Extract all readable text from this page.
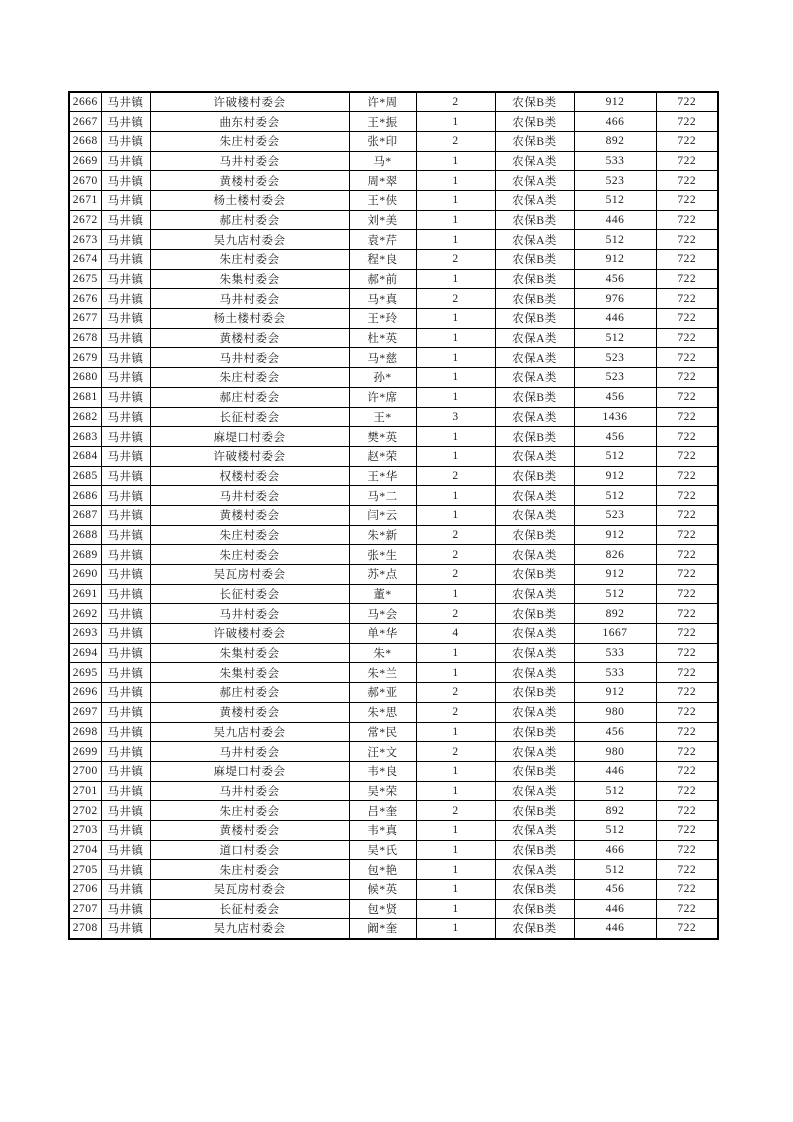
2666	马井镇	许破楼村委会	许*周	2	农保B类	912	722
2667	马井镇	曲东村委会	王*振	1	农保B类	466	722
2668	马井镇	朱庄村委会	张*印	2	农保B类	892	722
2669	马井镇	马井村委会	马*	1	农保A类	533	722
2670	马井镇	黄楼村委会	周*翠	1	农保A类	523	722
2671	马井镇	杨土楼村委会	王*侠	1	农保A类	512	722
2672	马井镇	郝庄村委会	刘*美	1	农保B类	446	722
2673	马井镇	吴九店村委会	袁*芹	1	农保A类	512	722
2674	马井镇	朱庄村委会	程*良	2	农保B类	912	722
2675	马井镇	朱集村委会	郝*前	1	农保B类	456	722
2676	马井镇	马井村委会	马*真	2	农保B类	976	722
2677	马井镇	杨土楼村委会	王*玲	1	农保B类	446	722
2678	马井镇	黄楼村委会	杜*英	1	农保A类	512	722
2679	马井镇	马井村委会	马*慈	1	农保A类	523	722
2680	马井镇	朱庄村委会	孙*	1	农保A类	523	722
2681	马井镇	郝庄村委会	许*席	1	农保B类	456	722
2682	马井镇	长征村委会	王*	3	农保A类	1436	722
2683	马井镇	麻堤口村委会	樊*英	1	农保B类	456	722
2684	马井镇	许破楼村委会	赵*荣	1	农保A类	512	722
2685	马井镇	权楼村委会	王*华	2	农保B类	912	722
2686	马井镇	马井村委会	马*二	1	农保A类	512	722
2687	马井镇	黄楼村委会	闫*云	1	农保A类	523	722
2688	马井镇	朱庄村委会	朱*新	2	农保B类	912	722
2689	马井镇	朱庄村委会	张*生	2	农保A类	826	722
2690	马井镇	吴瓦房村委会	苏*点	2	农保B类	912	722
2691	马井镇	长征村委会	董*	1	农保A类	512	722
2692	马井镇	马井村委会	马*会	2	农保B类	892	722
2693	马井镇	许破楼村委会	单*华	4	农保A类	1667	722
2694	马井镇	朱集村委会	朱*	1	农保A类	533	722
2695	马井镇	朱集村委会	朱*兰	1	农保A类	533	722
2696	马井镇	郝庄村委会	郝*亚	2	农保B类	912	722
2697	马井镇	黄楼村委会	朱*思	2	农保A类	980	722
2698	马井镇	吴九店村委会	常*民	1	农保B类	456	722
2699	马井镇	马井村委会	汪*文	2	农保A类	980	722
2700	马井镇	麻堤口村委会	韦*良	1	农保B类	446	722
2701	马井镇	马井村委会	吴*荣	1	农保A类	512	722
2702	马井镇	朱庄村委会	吕*奎	2	农保B类	892	722
2703	马井镇	黄楼村委会	韦*真	1	农保A类	512	722
2704	马井镇	道口村委会	吴*氏	1	农保B类	466	722
2705	马井镇	朱庄村委会	包*艳	1	农保A类	512	722
2706	马井镇	吴瓦房村委会	候*英	1	农保B类	456	722
2707	马井镇	长征村委会	包*贤	1	农保B类	446	722
2708	马井镇	吴九店村委会	阚*奎	1	农保B类	446	722
